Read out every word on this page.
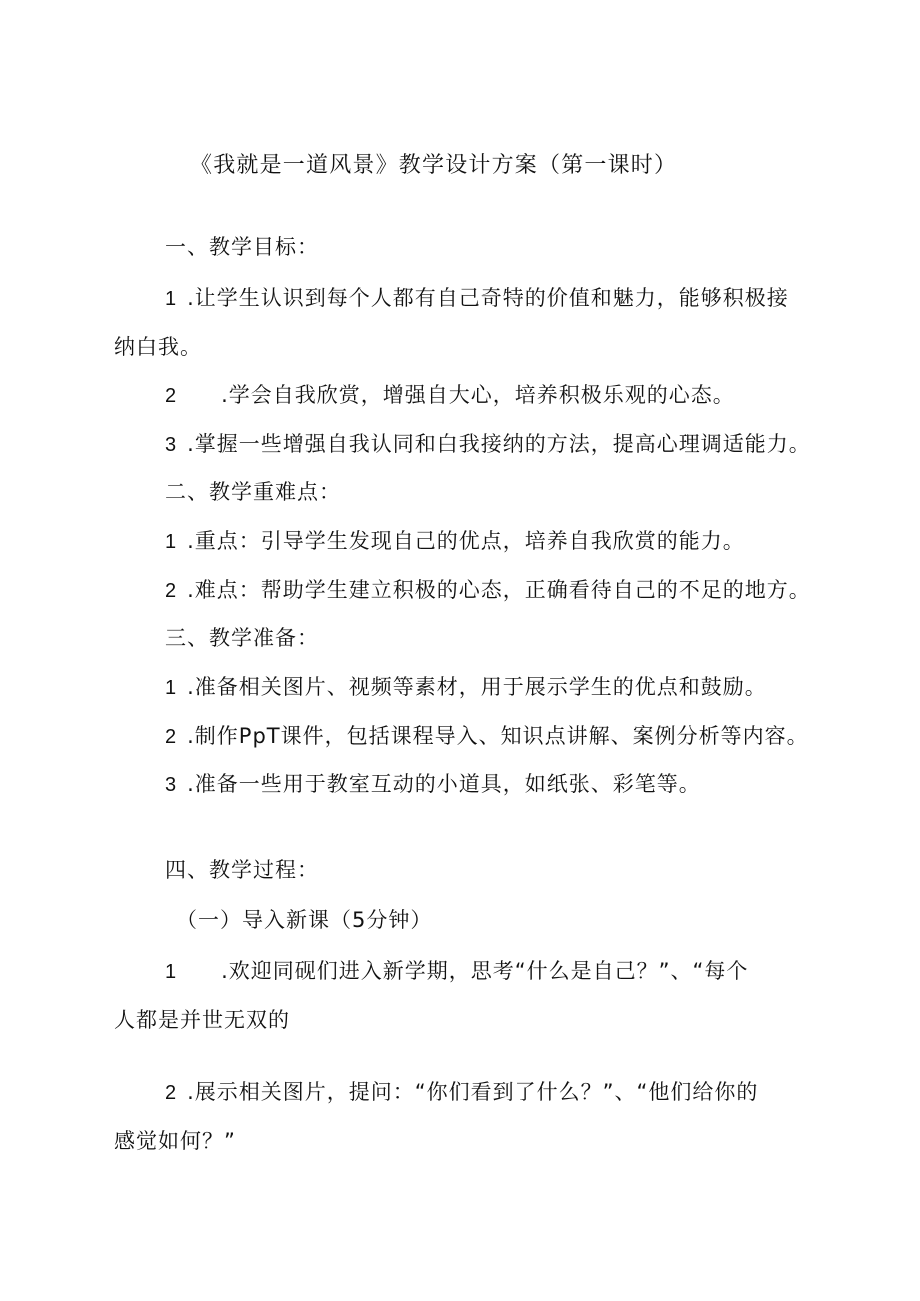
《我就是一道风景》教学设计方案（第一课时）
一、教学目标：
1 .让学生认识到每个人都有自己奇特的价值和魅力，能够积极接
纳白我。
2 .学会自我欣赏，增强自大心，培养积极乐观的心态。
3 .掌握一些增强自我认同和白我接纳的方法，提高心理调适能力。
二、教学重难点：
1 .重点：引导学生发现自己的优点，培养自我欣赏的能力。
2 .难点：帮助学生建立积极的心态，正确看待自己的不足的地方。
三、教学准备：
1 .准备相关图片、视频等素材，用于展示学生的优点和鼓励。
2 .制作PpT课件，包括课程导入、知识点讲解、案例分析等内容。
3 .准备一些用于教室互动的小道具，如纸张、彩笔等。
四、教学过程：
（一）导入新课（5分钟）
1 .欢迎同砚们进入新学期，思考“什么是自己？”、“每个
人都是并世无双的
2 .展示相关图片，提问：“你们看到了什么？”、“他们给你的
感觉如何？”
